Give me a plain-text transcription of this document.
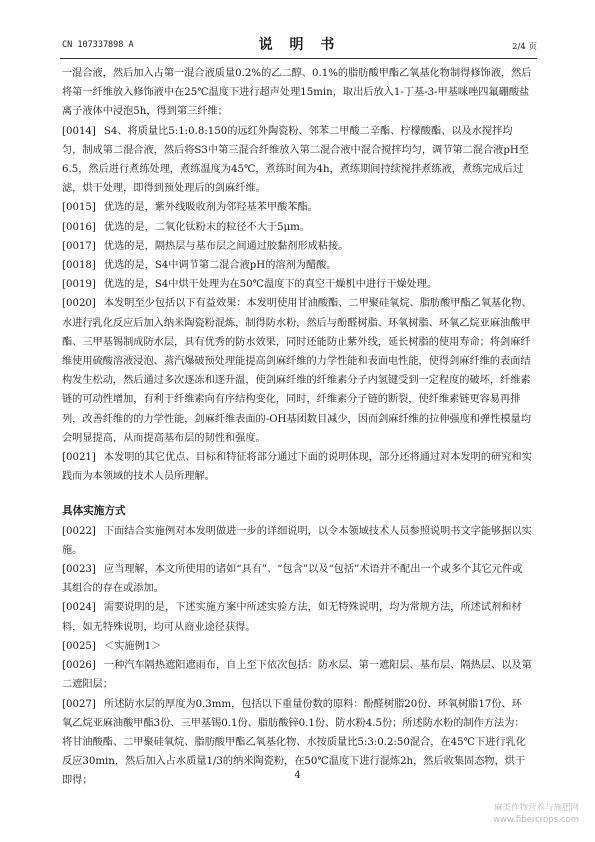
CN 107337898 A	说 明 书	2/4 页

一混合液，然后加入占第一混合液质量0.2%的乙二醇、0.1%的脂肪酸甲酯乙氧基化物制得修饰液，然后将第一纤维放入修饰液中在25℃温度下进行超声处理15min，取出后放入1-丁基-3-甲基咪唑四氟硼酸盐离子液体中浸泡5h，得到第三纤维；

[0014] S4、将质量比5:1:0.8:150的远红外陶瓷粉、邻苯二甲酸二辛酯、柠檬酸酯、以及水搅拌均匀，制成第二混合液，然后将S3中第三混合纤维放入第二混合液中混合搅拌均匀，调节第二混合液pH至6.5，然后进行煮练处理，煮练温度为45℃，煮练时间为4h，煮练期间持续搅拌煮练液，煮练完成后过滤，烘干处理，即得到预处理后的剑麻纤维。

[0015] 优选的是，紫外线吸收剂为邻羟基苯甲酸苯酯。

[0016] 优选的是，二氧化钛粉末的粒径不大于5μm。

[0017] 优选的是，隔热层与基布层之间通过胶黏剂形成粘接。

[0018] 优选的是，S4中调节第二混合液pH的溶剂为醋酸。

[0019] 优选的是，S4中烘干处理为在50℃温度下的真空干燥机中进行干燥处理。

[0020] 本发明至少包括以下有益效果：本发明使用甘油酸酯、二甲聚硅氧烷、脂肪酸甲酯乙氧基化物、水进行乳化反应后加入纳米陶瓷粉混炼，制得防水粉，然后与酚醛树脂、环氧树脂、环氧乙烷亚麻油酸甲酯、三甲基锡制成防水层，具有优秀的防水效果，同时还能防止紫外线，延长树脂的使用寿命；将剑麻纤维使用硫酸溶液浸泡、蒸汽爆破预处理能提高剑麻纤维的力学性能和表面电性能，使得剑麻纤维的表面结构发生松动，然后通过多次逐冻和逐升温，使剑麻纤维的纤维素分子内氢键受到一定程度的破坏，纤维素链的可动性增加，有利于纤维素向有序结构变化，同时，纤维素分子链的断裂，使纤维素链更容易再排列，改善纤维的的力学性能，剑麻纤维表面的-OH基团数目减少，因而剑麻纤维的拉伸强度和弹性模量均会明显提高，从而提高基布层的韧性和强度。

[0021] 本发明的其它优点、目标和特征将部分通过下面的说明体现，部分还将通过对本发明的研究和实践而为本领域的技术人员所理解。

具体实施方式

[0022] 下面结合实施例对本发明做进一步的详细说明，以令本领域技术人员参照说明书文字能够据以实施。

[0023] 应当理解，本文所使用的诸如“具有”、“包含”以及“包括”术语并不配出一个或多个其它元件或其组合的存在或添加。

[0024] 需要说明的是，下述实施方案中所述实验方法，如无特殊说明，均为常规方法，所述试剂和材料，如无特殊说明，均可从商业途径获得。

[0025] ＜实施例1＞

[0026] 一种汽车隔热遮阳遮雨布，自上至下依次包括：防水层、第一遮阳层、基布层、隔热层、以及第二遮阳层；

[0027] 所述防水层的厚度为0.3mm，包括以下重量份数的原料：酚醛树脂20份、环氧树脂17份、环氧乙烷亚麻油酸甲酯3份、三甲基锡0.1份、脂肪酸锌0.1份、防水粉4.5份；所述防水粉的制作方法为：将甘油酸酯、二甲聚硅氧烷、脂肪酸甲酯乙氧基化物、水按质量比5:3:0.2:50混合，在45℃下进行乳化反应30min，然后加入占水质量1/3的纳米陶瓷粉，在50℃温度下进行混炼2h，然后收集固态物，烘干即得；	4
麻类作物营养与施肥网
www.fibercrops.com
